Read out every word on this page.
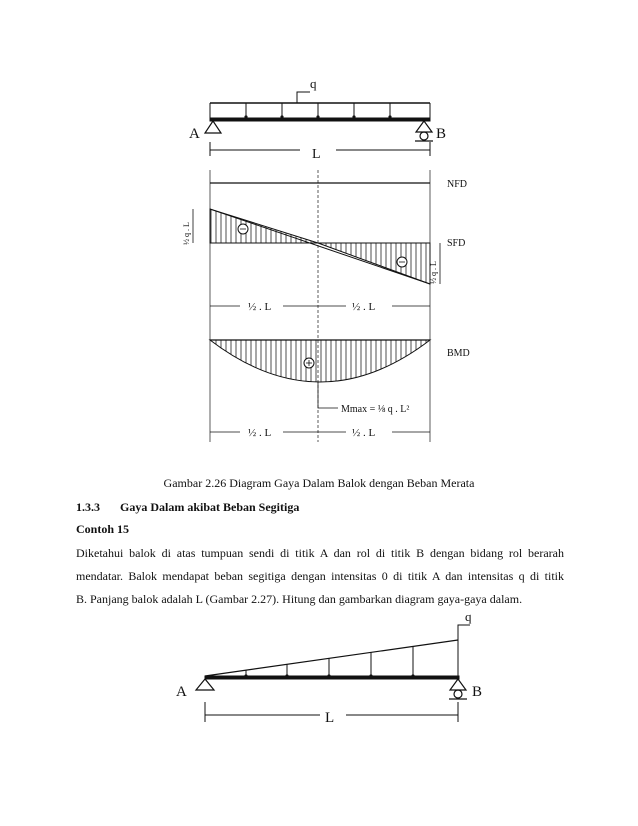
q
A	B
L
NFD
SFD
½ q . L
½ q . L
½ . L	½ . L
BMD
Mmax = ⅛ q . L²
½ . L	½ . L
q
A	B
L
Gambar 2.26 Diagram Gaya Dalam Balok dengan Beban Merata
1.3.3 Gaya Dalam akibat Beban Segitiga
Contoh 15
Diketahui balok di atas tumpuan sendi di titik A dan rol di titik B dengan bidang rol berarah
mendatar. Balok mendapat beban segitiga dengan intensitas 0 di titik A dan intensitas q di titik
B. Panjang balok adalah L (Gambar 2.27). Hitung dan gambarkan diagram gaya-gaya dalam.
